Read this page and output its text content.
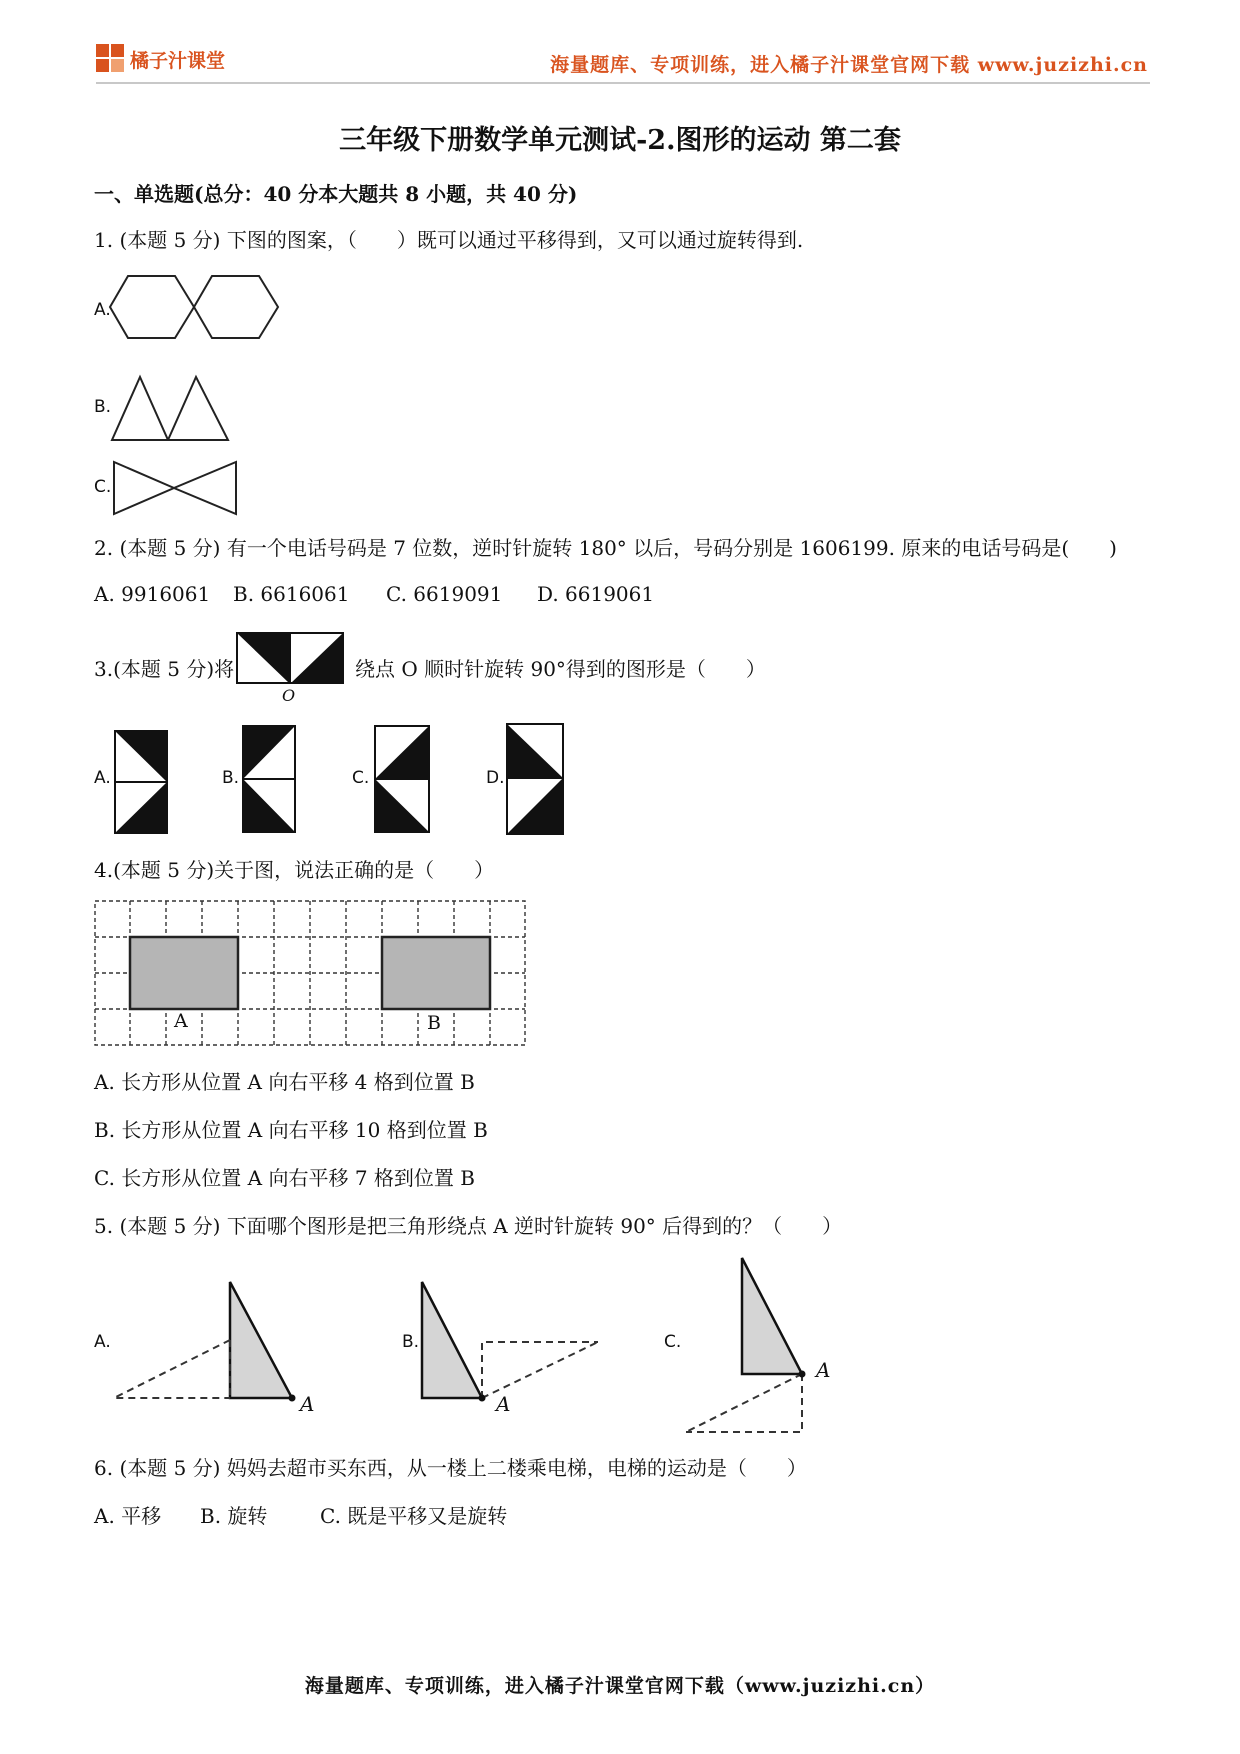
橘子汁课堂	海量题库、专项训练，进入橘子汁课堂官网下载 www.juzizhi.cn
三年级下册数学单元测试-2.图形的运动 第二套
一、单选题(总分：40 分本大题共 8 小题，共 40 分)
1. (本题 5 分) 下图的图案，（　　）既可以通过平移得到，又可以通过旋转得到.
A.
B.
C.
2. (本题 5 分) 有一个电话号码是 7 位数，逆时针旋转 180° 以后，号码分别是 1606199. 原来的电话号码是(　　)
A. 9916061 B. 6616061 C. 6619091 D. 6619061
3.(本题 5 分)将
O
绕点 O 顺时针旋转 90°得到的图形是（　　）
A.	B.	C.	D.
4.(本题 5 分)关于图，说法正确的是（　　）
A	B
A. 长方形从位置 A 向右平移 4 格到位置 B
B. 长方形从位置 A 向右平移 10 格到位置 B
C. 长方形从位置 A 向右平移 7 格到位置 B
5. (本题 5 分) 下面哪个图形是把三角形绕点 A 逆时针旋转 90° 后得到的？（　　）
A.
A
B.
A
C.
A
6. (本题 5 分) 妈妈去超市买东西，从一楼上二楼乘电梯，电梯的运动是（　　）
A. 平移 B. 旋转	C. 既是平移又是旋转
海量题库、专项训练，进入橘子汁课堂官网下载（www.juzizhi.cn）
